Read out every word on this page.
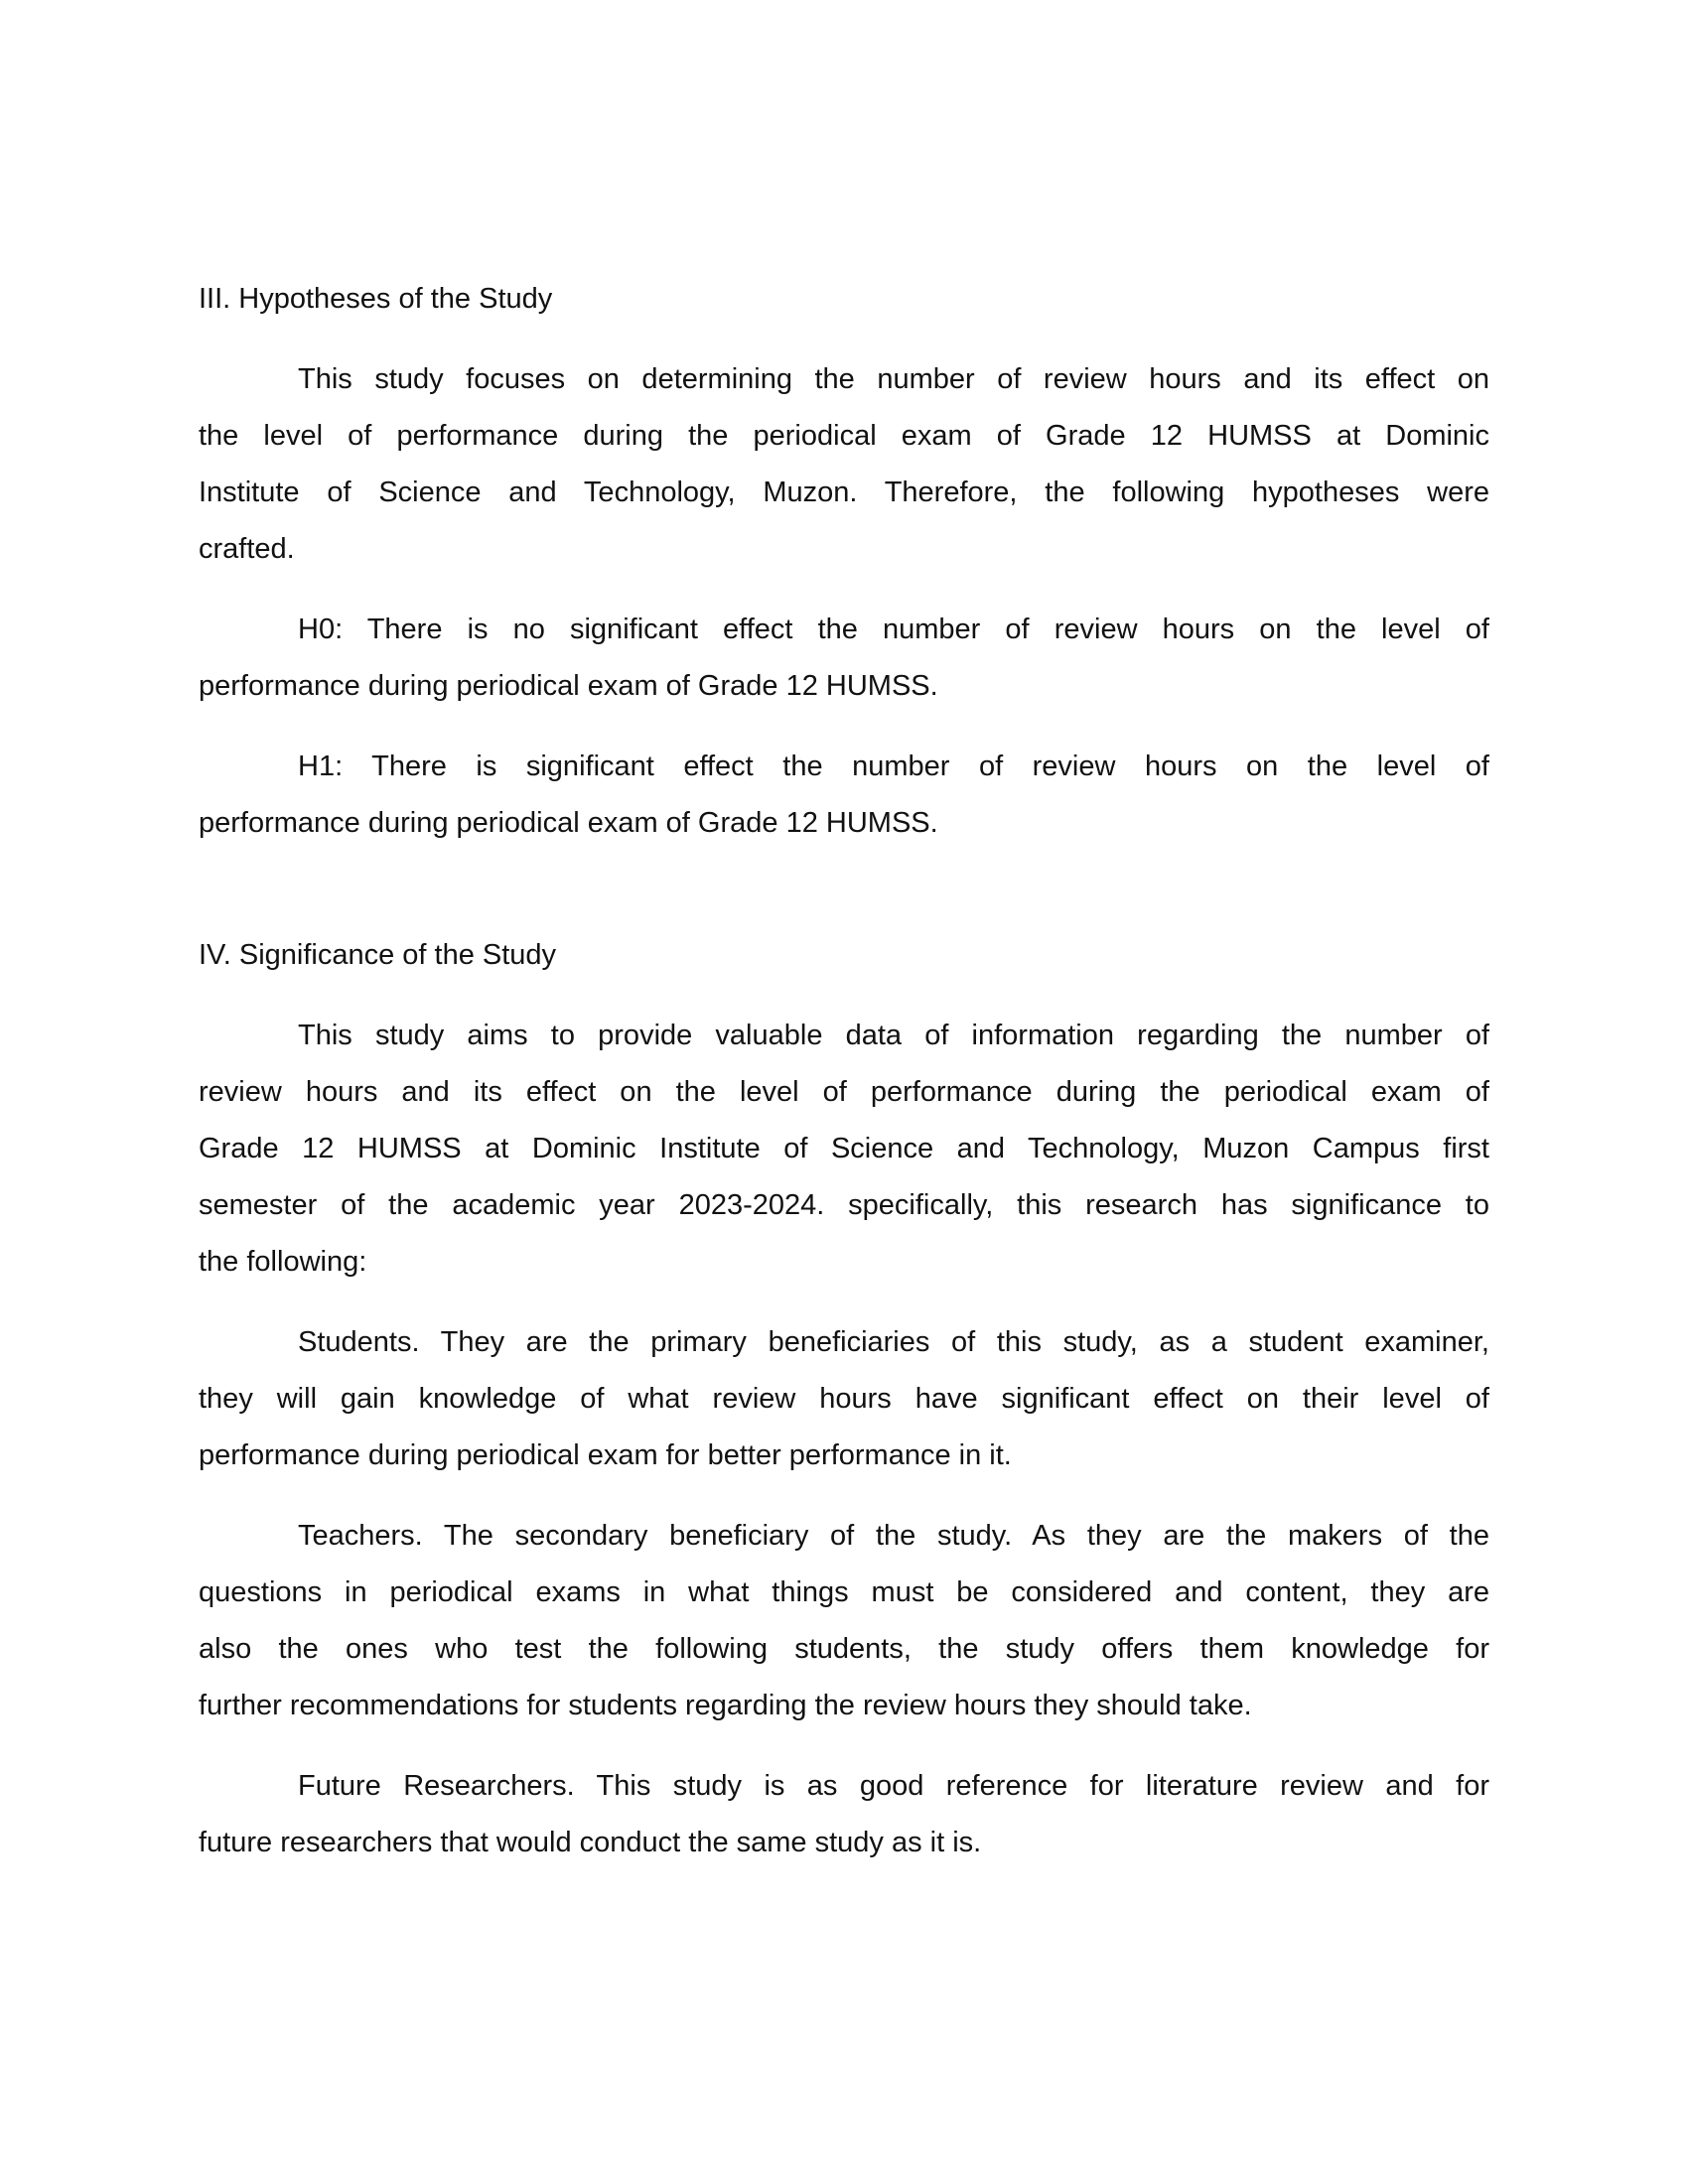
III. Hypotheses of the Study
This study focuses on determining the number of review hours and its effect on
the level of performance during the periodical exam of Grade 12 HUMSS at Dominic
Institute of Science and Technology, Muzon. Therefore, the following hypotheses were
crafted.
H0: There is no significant effect the number of review hours on the level of
performance during periodical exam of Grade 12 HUMSS.
H1: There is significant effect the number of review hours on the level of
performance during periodical exam of Grade 12 HUMSS.
IV. Significance of the Study
This study aims to provide valuable data of information regarding the number of
review hours and its effect on the level of performance during the periodical exam of
Grade 12 HUMSS at Dominic Institute of Science and Technology, Muzon Campus first
semester of the academic year 2023-2024. specifically, this research has significance to
the following:
Students. They are the primary beneficiaries of this study, as a student examiner,
they will gain knowledge of what review hours have significant effect on their level of
performance during periodical exam for better performance in it.
Teachers. The secondary beneficiary of the study. As they are the makers of the
questions in periodical exams in what things must be considered and content, they are
also the ones who test the following students, the study offers them knowledge for
further recommendations for students regarding the review hours they should take.
Future Researchers. This study is as good reference for literature review and for
future researchers that would conduct the same study as it is.
